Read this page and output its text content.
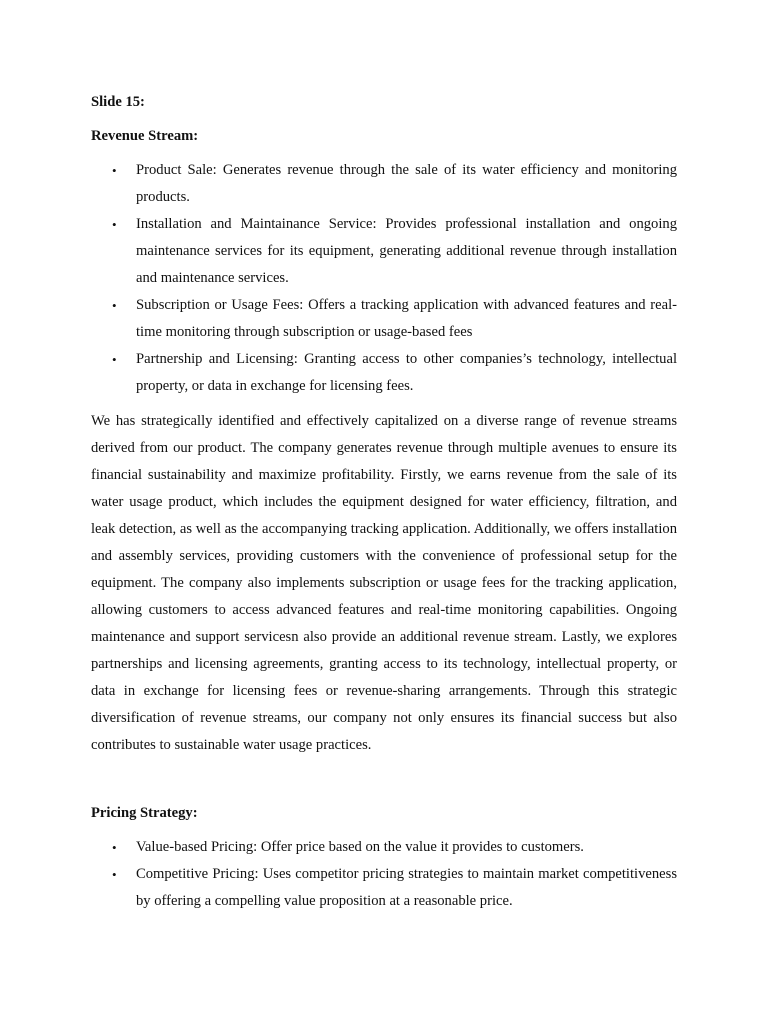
Slide 15:

Revenue Stream:

• Product Sale: Generates revenue through the sale of its water efficiency and monitoring products.
• Installation and Maintainance Service: Provides professional installation and ongoing maintenance services for its equipment, generating additional revenue through installation and maintenance services.
• Subscription or Usage Fees: Offers a tracking application with advanced features and real-time monitoring through subscription or usage-based fees
• Partnership and Licensing: Granting access to other companies’s technology, intellectual property, or data in exchange for licensing fees.

We has strategically identified and effectively capitalized on a diverse range of revenue streams derived from our product. The company generates revenue through multiple avenues to ensure its financial sustainability and maximize profitability. Firstly, we earns revenue from the sale of its water usage product, which includes the equipment designed for water efficiency, filtration, and leak detection, as well as the accompanying tracking application. Additionally, we offers installation and assembly services, providing customers with the convenience of professional setup for the equipment. The company also implements subscription or usage fees for the tracking application, allowing customers to access advanced features and real-time monitoring capabilities. Ongoing maintenance and support servicesn also provide an additional revenue stream. Lastly, we explores partnerships and licensing agreements, granting access to its technology, intellectual property, or data in exchange for licensing fees or revenue-sharing arrangements. Through this strategic diversification of revenue streams, our company not only ensures its financial success but also contributes to sustainable water usage practices.

Pricing Strategy:

• Value-based Pricing: Offer price based on the value it provides to customers.
• Competitive Pricing: Uses competitor pricing strategies to maintain market competitiveness by offering a compelling value proposition at a reasonable price.
